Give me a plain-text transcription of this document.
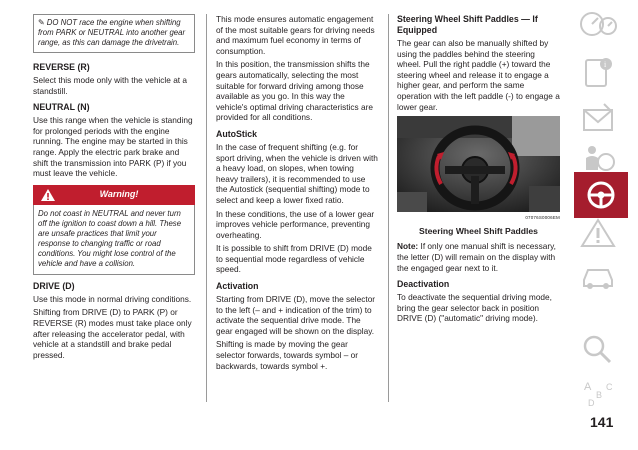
✎ DO NOT race the engine when shifting from PARK or NEUTRAL into another gear range, as this can damage the drivetrain.
REVERSE (R)

Select this mode only with the vehicle at a standstill.

NEUTRAL (N)

Use this range when the vehicle is standing for prolonged periods with the engine running. The engine may be started in this range. Apply the electric park brake and shift the transmission into PARK (P) if you must leave the vehicle.

Warning!
Do not coast in NEUTRAL and never turn off the ignition to coast down a hill. These are unsafe practices that limit your response to changing traffic or road conditions. You might lose control of the vehicle and have a collision.
DRIVE (D)

Use this mode in normal driving conditions.

Shifting from DRIVE (D) to PARK (P) or REVERSE (R) modes must take place only after releasing the accelerator pedal, with vehicle at a standstill and brake pedal pressed.

This mode ensures automatic engagement of the most suitable gears for driving needs and maximum fuel economy in terms of consumption.

In this position, the transmission shifts the gears automatically, selecting the most suitable for forward driving among those available as you go. In this way the vehicle's optimal driving characteristics are provided for all conditions.

AutoStick

In the case of frequent shifting (e.g. for sport driving, when the vehicle is driven with a heavy load, on slopes, when towing heavy trailers), it is recommended to use the Autostick (sequential shifting) mode to select and keep a lower fixed ratio.

In these conditions, the use of a lower gear improves vehicle performance, preventing overheating.

It is possible to shift from DRIVE (D) mode to sequential mode regardless of vehicle speed.

Activation

Starting from DRIVE (D), move the selector to the left (– and + indication of the trim) to activate the sequential drive mode. The gear engaged will be shown on the display.

Shifting is made by moving the gear selector forwards, towards symbol – or backwards, towards symbol +.

Steering Wheel Shift Paddles — If Equipped

The gear can also be manually shifted by using the paddles behind the steering wheel. Pull the right paddle (+) toward the steering wheel and release it to engage a higher gear, and perform the same operation with the left paddle (-) to engage a lower gear.

07076S0006EM
Steering Wheel Shift Paddles

Note: If only one manual shift is necessary, the letter (D) will remain on the display with the engaged gear next to it.

Deactivation

To deactivate the sequential driving mode, bring the gear selector back in position DRIVE (D) ("automatic" driving mode).

i
A
B
C
D
141
